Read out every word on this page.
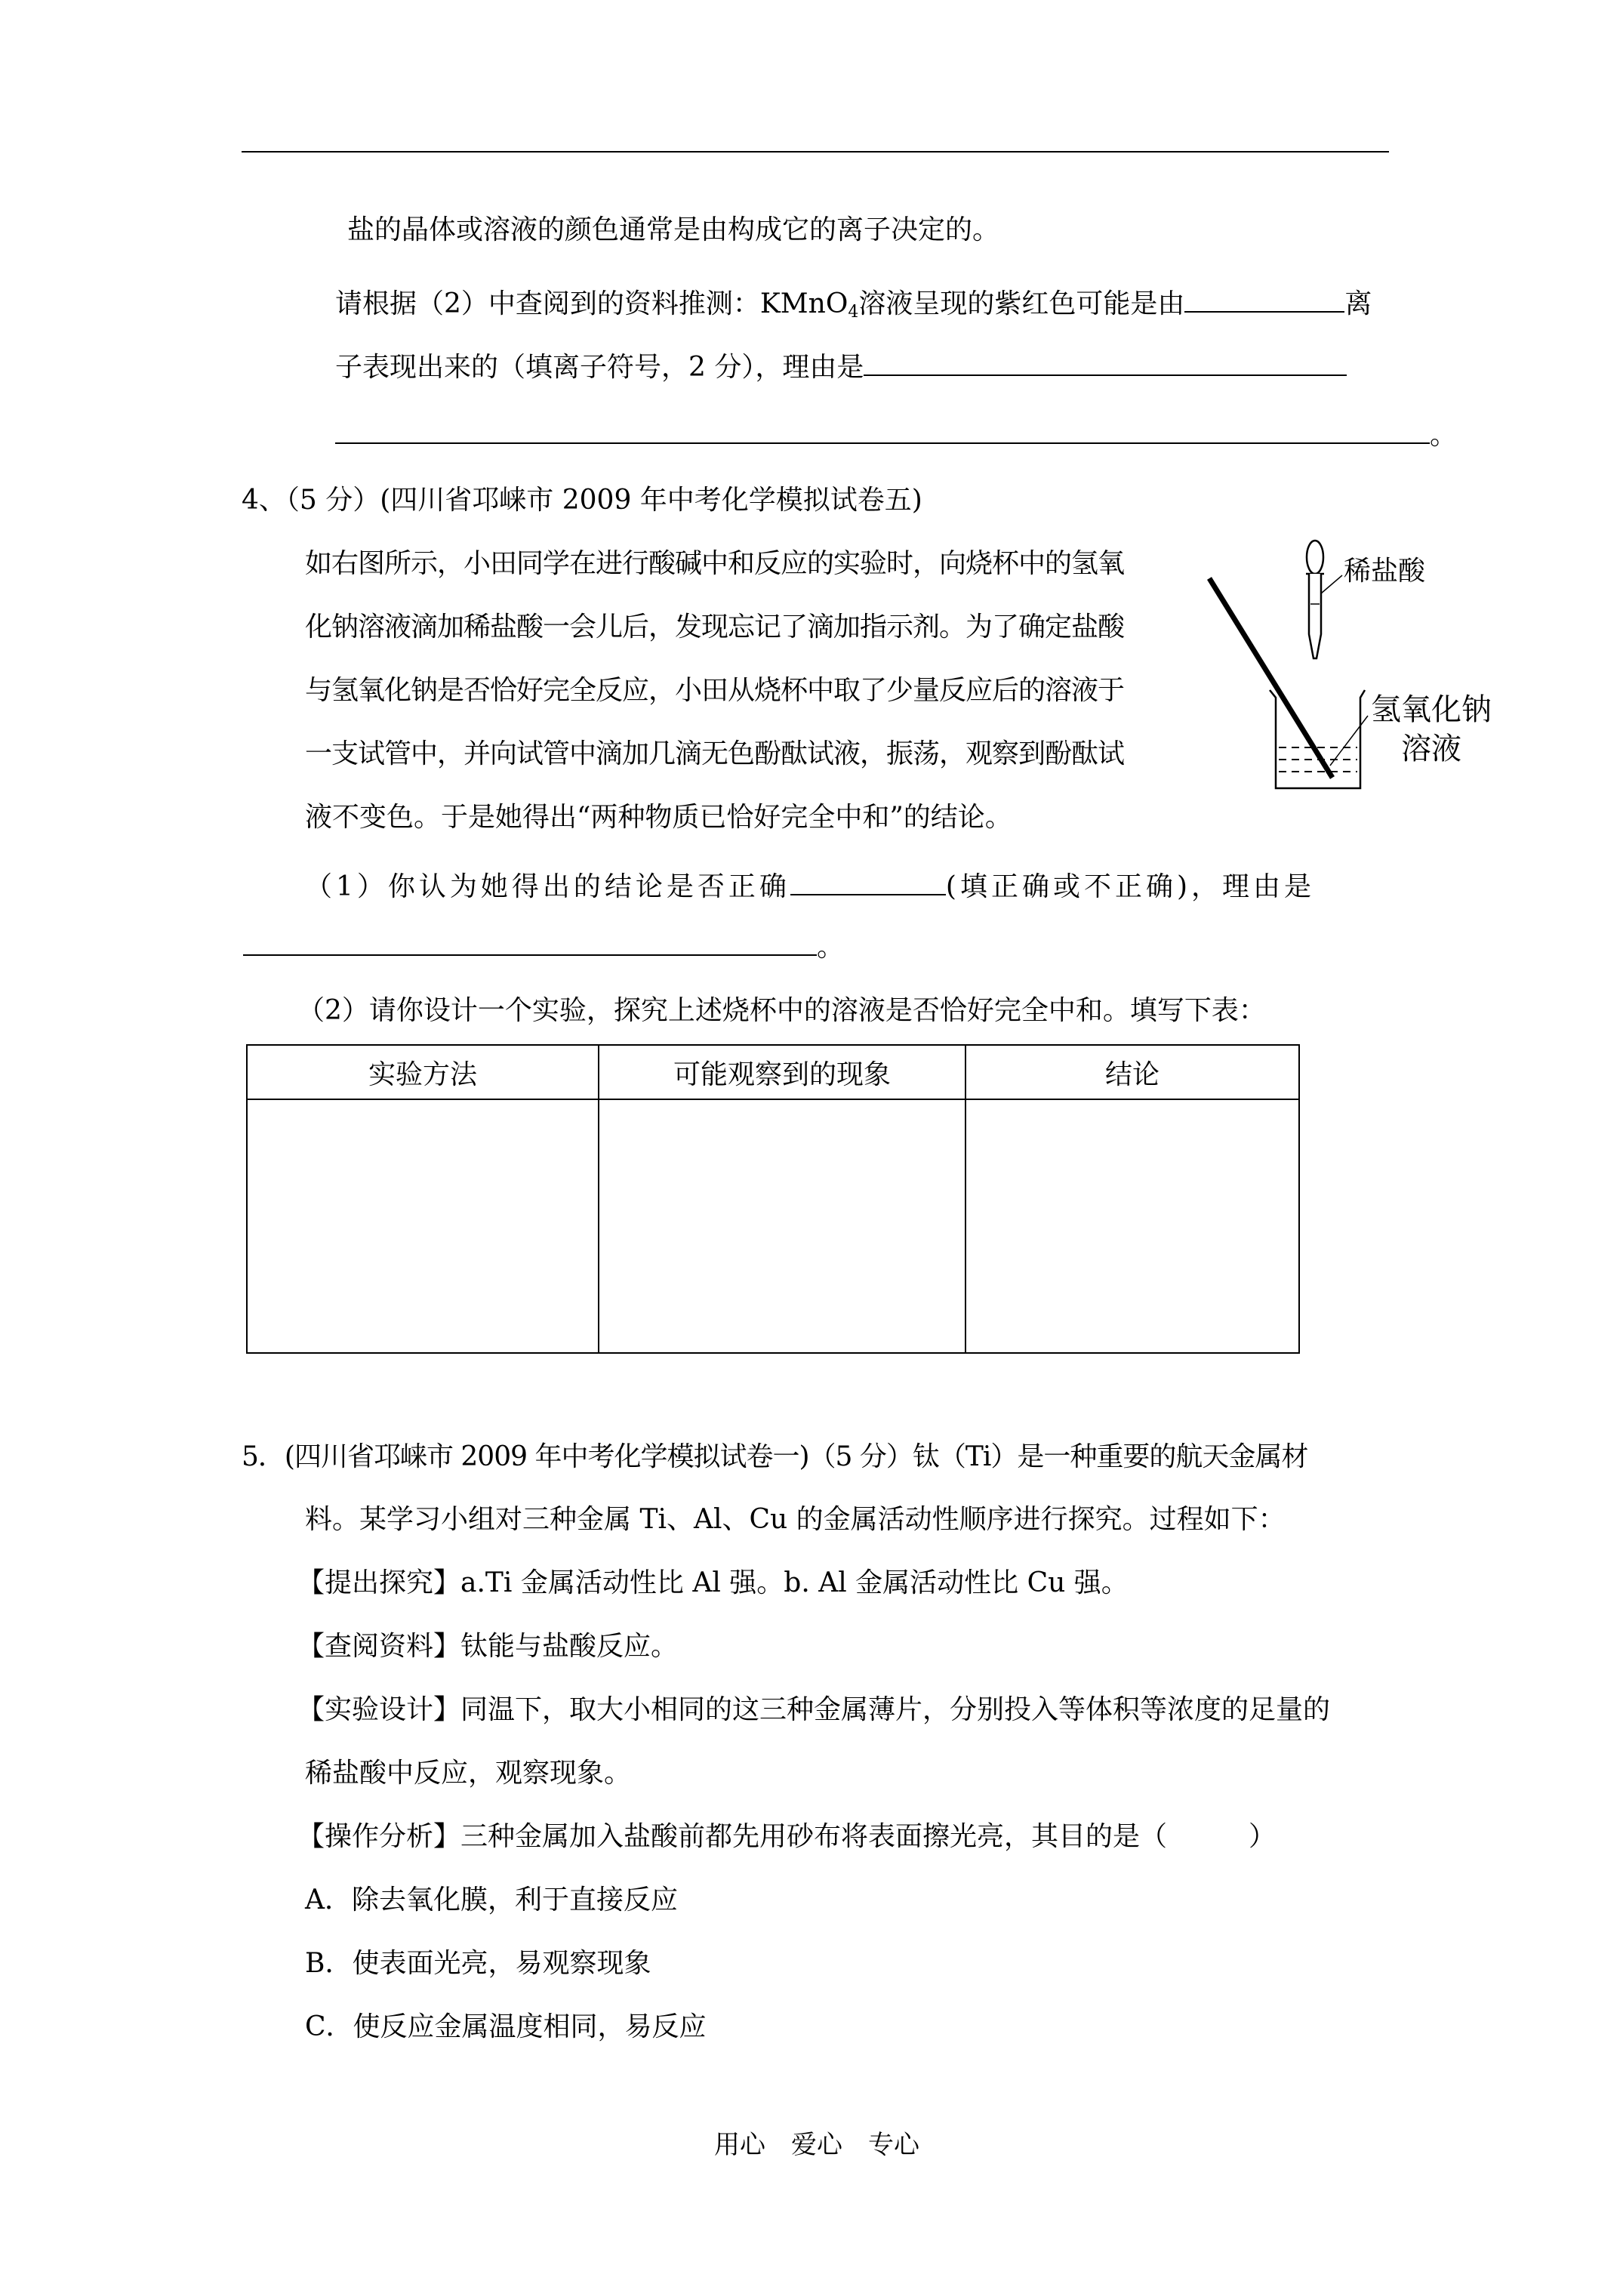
盐的晶体或溶液的颜色通常是由构成它的离子决定的。
请根据（2）中查阅到的资料推测：KMnO$_4$溶液呈现的紫红色可能是由	离
子表现出来的（填离子符号，2 分），理由是
。
4、（5 分）(四川省邛崃市 2009 年中考化学模拟试卷五)
如右图所示，小田同学在进行酸碱中和反应的实验时，向烧杯中的氢氧
化钠溶液滴加稀盐酸一会儿后，发现忘记了滴加指示剂。为了确定盐酸
与氢氧化钠是否恰好完全反应，小田从烧杯中取了少量反应后的溶液于
一支试管中，并向试管中滴加几滴无色酚酞试液，振荡，观察到酚酞试
液不变色。于是她得出“两种物质已恰好完全中和”的结论。
稀盐酸
氢氧化钠
溶液
（1）你认为她得出的结论是否正确	(填正确或不正确)，理由是
。
（2）请你设计一个实验，探究上述烧杯中的溶液是否恰好完全中和。填写下表：
实验方法	可能观察到的现象	结论

5．(四川省邛崃市 2009 年中考化学模拟试卷一)（5 分）钛（Ti）是一种重要的航天金属材
料。某学习小组对三种金属 Ti、Al、Cu 的金属活动性顺序进行探究。过程如下：
【提出探究】a.Ti 金属活动性比 Al 强。b. Al 金属活动性比 Cu 强。
【查阅资料】钛能与盐酸反应。
【实验设计】同温下，取大小相同的这三种金属薄片，分别投入等体积等浓度的足量的
稀盐酸中反应，观察现象。
【操作分析】三种金属加入盐酸前都先用砂布将表面擦光亮，其目的是（　　　）
A．除去氧化膜，利于直接反应
B．使表面光亮，易观察现象
C．使反应金属温度相同，易反应
用心　爱心　专心
